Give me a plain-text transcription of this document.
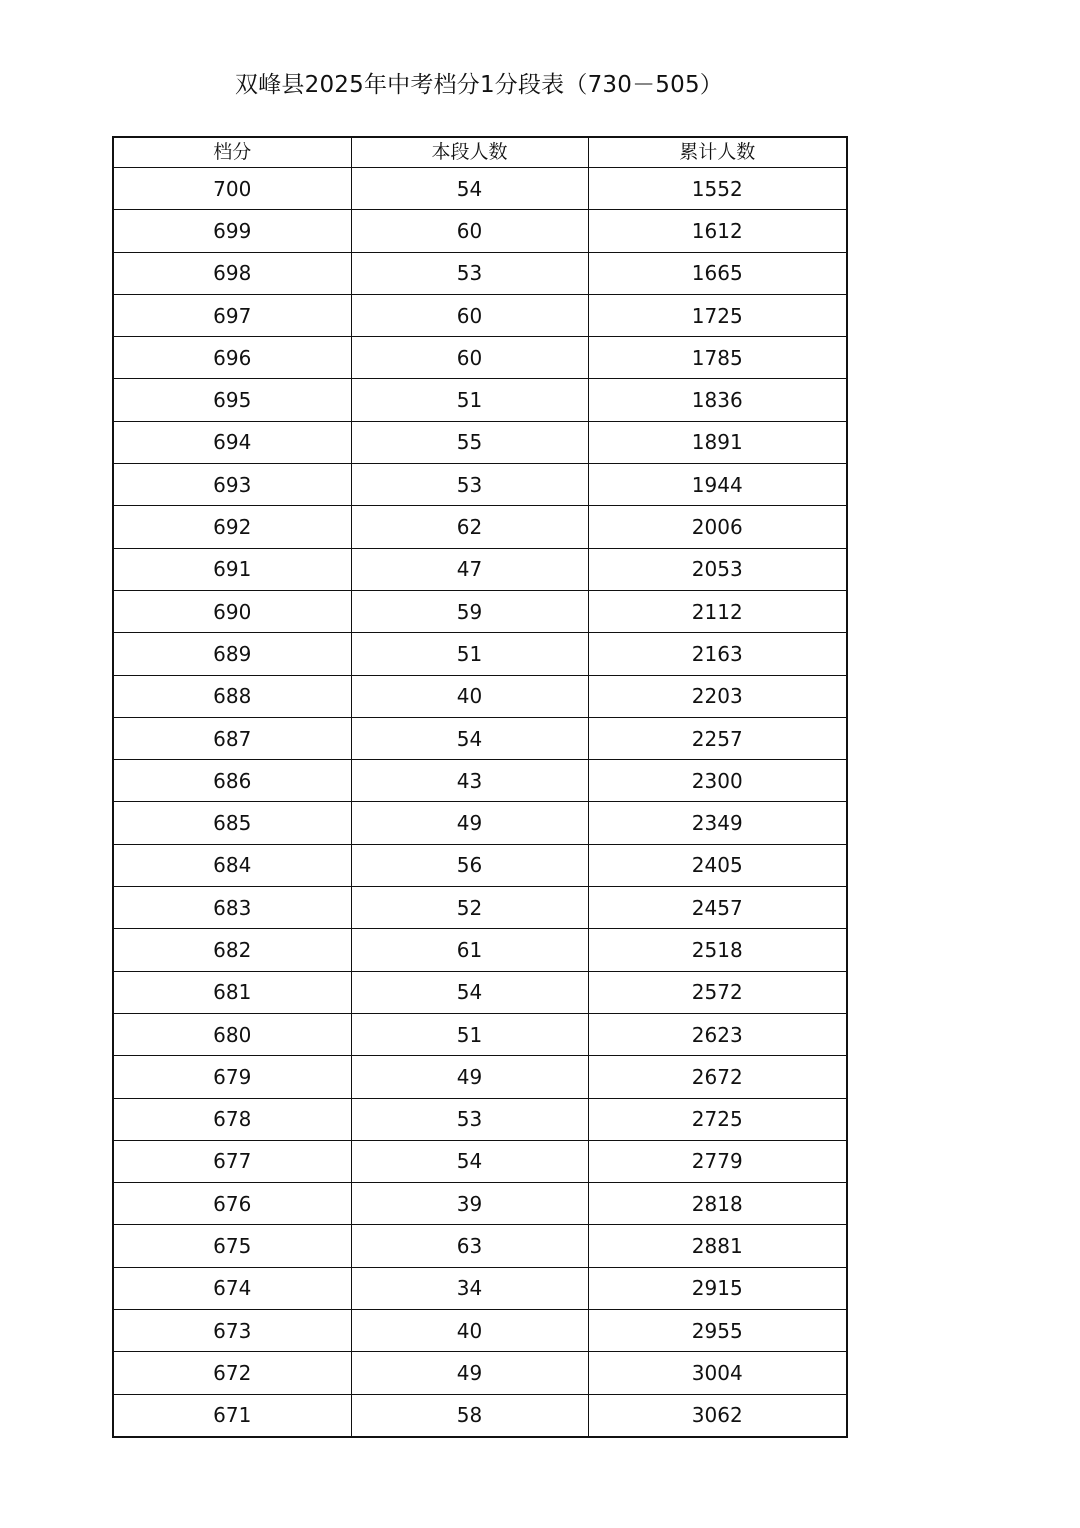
双峰县2025年中考档分1分段表（730－505）
档分	本段人数	累计人数
700	54	1552
699	60	1612
698	53	1665
697	60	1725
696	60	1785
695	51	1836
694	55	1891
693	53	1944
692	62	2006
691	47	2053
690	59	2112
689	51	2163
688	40	2203
687	54	2257
686	43	2300
685	49	2349
684	56	2405
683	52	2457
682	61	2518
681	54	2572
680	51	2623
679	49	2672
678	53	2725
677	54	2779
676	39	2818
675	63	2881
674	34	2915
673	40	2955
672	49	3004
671	58	3062
